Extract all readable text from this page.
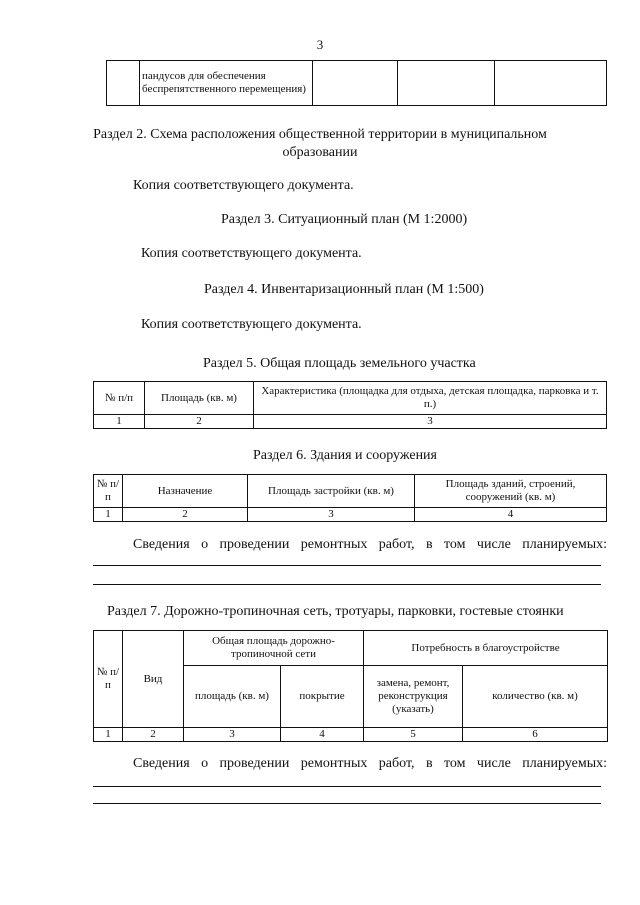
3
	пандусов для обеспечения беспрепятственного перемещения)			
Раздел 2. Схема расположения общественной территории в муниципальном
образовании
Копия соответствующего документа.
Раздел 3. Ситуационный план (М 1:2000)
Копия соответствующего документа.
Раздел 4. Инвентаризационный план (М 1:500)
Копия соответствующего документа.
Раздел 5. Общая площадь земельного участка
№ п/п	Площадь (кв. м)	Характеристика (площадка для отдыха, детская площадка, парковка и т. п.)
1	2	3
Раздел 6. Здания и сооружения
№ п/п	Назначение	Площадь застройки (кв. м)	Площадь зданий, строений, сооружений (кв. м)
1	2	3	4
Сведения о проведении ремонтных работ, в том числе планируемых:
Раздел 7. Дорожно-тропиночная сеть, тротуары, парковки, гостевые стоянки
№ п/п	Вид	Общая площадь дорожно-тропиночной сети		Потребность в благоустройстве	
		площадь (кв. м)	покрытие	замена, ремонт, реконструкция (указать)	количество (кв. м)
1	2	3	4	5	6
Сведения о проведении ремонтных работ, в том числе планируемых:
